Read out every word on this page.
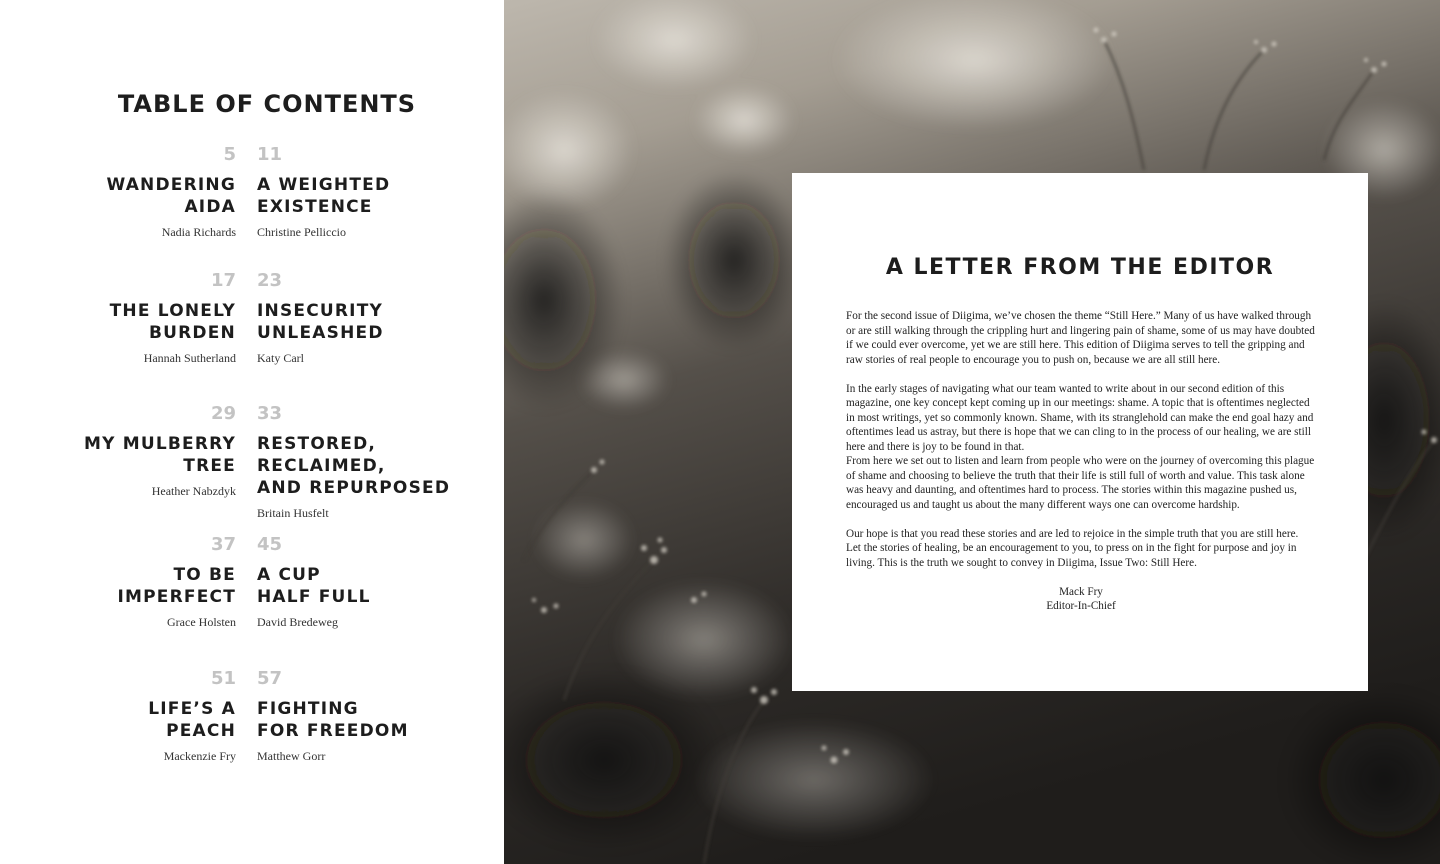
TABLE OF CONTENTS
5
WANDERING
AIDA
Nadia Richards
11
A WEIGHTED
EXISTENCE
Christine Pelliccio
17
THE LONELY
BURDEN
Hannah Sutherland
23
INSECURITY
UNLEASHED
Katy Carl
29
MY MULBERRY
TREE
Heather Nabzdyk
33
RESTORED, RECLAIMED,
AND REPURPOSED
Britain Husfelt
37
TO BE
IMPERFECT
Grace Holsten
45
A CUP
HALF FULL
David Bredeweg
51
LIFE’S A
PEACH
Mackenzie Fry
57
FIGHTING
FOR FREEDOM
Matthew Gorr
A LETTER FROM THE EDITOR

For the second issue of Diigima, we’ve chosen the theme “Still Here.” Many of us have walked through or are still walking through the crippling hurt and lingering pain of shame, some of us may have doubted if we could ever overcome, yet we are still here. This edition of Diigima serves to tell the gripping and raw stories of real people to encourage you to push on, because we are all still here.

In the early stages of navigating what our team wanted to write about in our second edition of this magazine, one key concept kept coming up in our meetings: shame. A topic that is oftentimes neglected in most writings, yet so commonly known. Shame, with its stranglehold can make the end goal hazy and oftentimes lead us astray, but there is hope that we can cling to in the process of our healing, we are still here and there is joy to be found in that.

From here we set out to listen and learn from people who were on the journey of overcoming this plague of shame and choosing to believe the truth that their life is still full of worth and value. This task alone was heavy and daunting, and oftentimes hard to process. The stories within this magazine pushed us, encouraged us and taught us about the many different ways one can overcome hardship.

Our hope is that you read these stories and are led to rejoice in the simple truth that you are still here. Let the stories of healing, be an encouragement to you, to press on in the fight for purpose and joy in living. This is the truth we sought to convey in Diigima, Issue Two: Still Here.

Mack Fry
Editor-In-Chief
